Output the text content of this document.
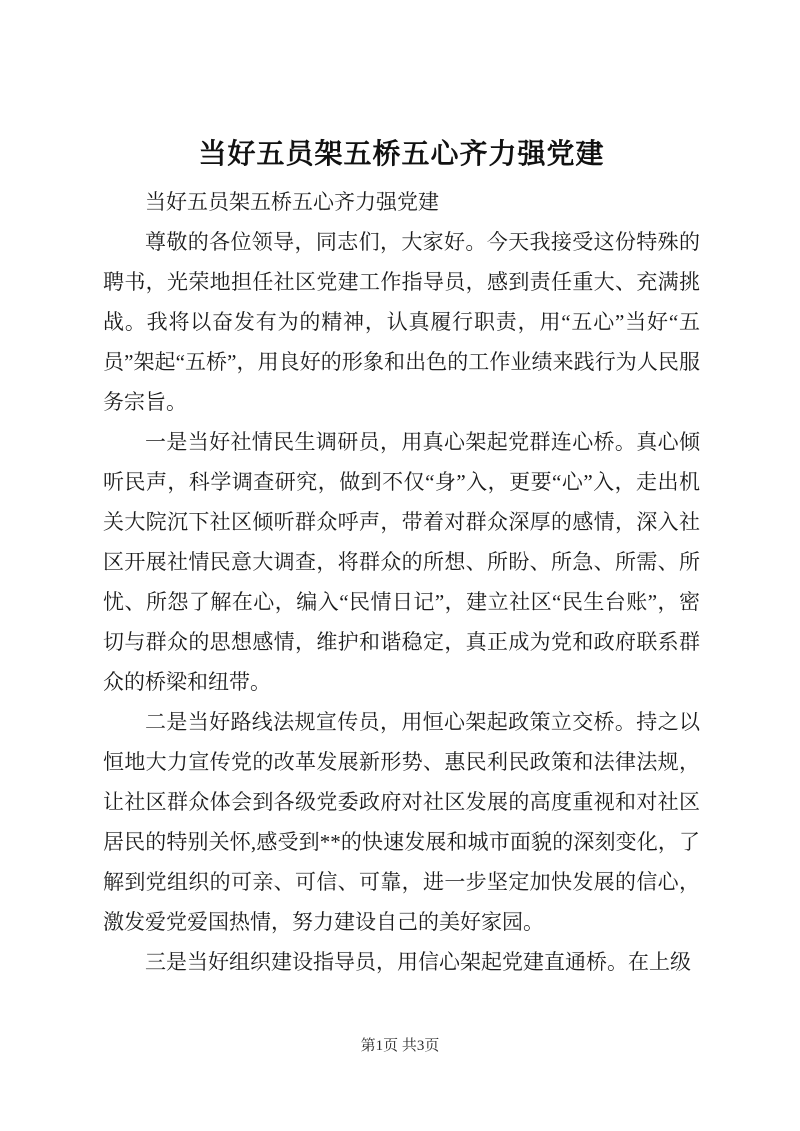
当好五员架五桥五心齐力强党建

当好五员架五桥五心齐力强党建

尊敬的各位领导，同志们，大家好。今天我接受这份特殊的聘书，光荣地担任社区党建工作指导员，感到责任重大、充满挑战。我将以奋发有为的精神，认真履行职责，用“五心”当好“五员”架起“五桥”，用良好的形象和出色的工作业绩来践行为人民服务宗旨。

一是当好社情民生调研员，用真心架起党群连心桥。真心倾听民声，科学调查研究，做到不仅“身”入，更要“心”入，走出机关大院沉下社区倾听群众呼声，带着对群众深厚的感情，深入社区开展社情民意大调查，将群众的所想、所盼、所急、所需、所忧、所怨了解在心，编入“民情日记”，建立社区“民生台账”，密切与群众的思想感情，维护和谐稳定，真正成为党和政府联系群众的桥梁和纽带。

二是当好路线法规宣传员，用恒心架起政策立交桥。持之以恒地大力宣传党的改革发展新形势、惠民利民政策和法律法规，让社区群众体会到各级党委政府对社区发展的高度重视和对社区居民的特别关怀,感受到**的快速发展和城市面貌的深刻变化，了解到党组织的可亲、可信、可靠，进一步坚定加快发展的信心，激发爱党爱国热情，努力建设自己的美好家园。

三是当好组织建设指导员，用信心架起党建直通桥。在上级

第1页 共3页
